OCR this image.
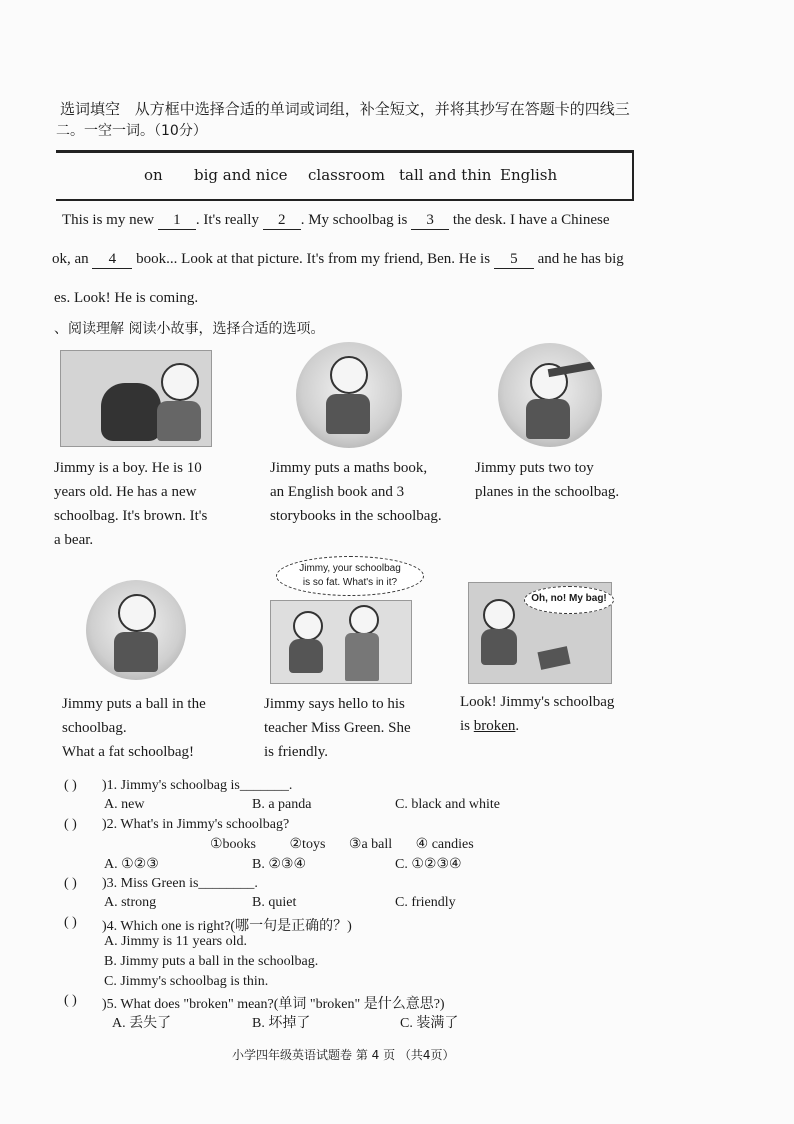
选词填空 从方框中选择合适的单词或词组，补全短文，并将其抄写在答题卡的四线三
二。一空一词。（10分）
on big and nice classroom tall and thin English
This is my new 1 . It's really 2 . My schoolbag is 3 the desk. I have a Chinese
ok, an 4 book... Look at that picture. It's from my friend, Ben. He is 5 and he has big
es. Look! He is coming.
、阅读理解 阅读小故事，选择合适的选项。
Jimmy is a boy. He is 10
years old. He has a new
schoolbag. It's brown. It's
a bear.
Jimmy puts a maths book,
an English book and 3
storybooks in the schoolbag.
Jimmy puts two toy
planes in the schoolbag.
Jimmy puts a ball in the
schoolbag.
What a fat schoolbag!
Jimmy, your schoolbag
is so fat. What's in it?
Jimmy says hello to his
teacher Miss Green. She
is friendly.
Oh, no! My bag!
Look! Jimmy's schoolbag
is broken.
( ) )1. Jimmy's schoolbag is_______.
A. new	B. a panda	C. black and white
( ) )2. What's in Jimmy's schoolbag?
①books ②toys ③a ball ④ candies
A. ①②③	B. ②③④	C. ①②③④
( ) )3. Miss Green is________.
A. strong	B. quiet	C. friendly
( ) )4. Which one is right?(哪一句是正确的？)
A. Jimmy is 11 years old.
B. Jimmy puts a ball in the schoolbag.
C. Jimmy's schoolbag is thin.
( ) )5. What does "broken" mean?(单词 "broken" 是什么意思?)
A. 丢失了	B. 坏掉了	C. 装满了
小学四年级英语试题卷 第 4 页 （共4页）
